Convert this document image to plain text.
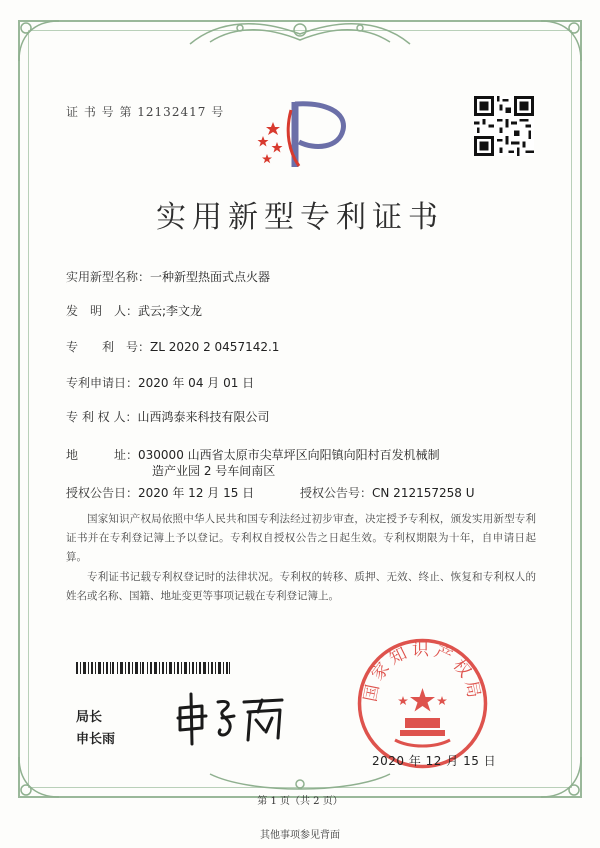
证 书 号 第 12132417 号
实用新型专利证书
实用新型名称：一种新型热面式点火器
发　明　人：武云;李文龙
专　　利　号：ZL 2020 2 0457142.1
专利申请日：2020 年 04 月 01 日
专 利 权 人：山西鸿泰来科技有限公司
地　　　址：030000 山西省太原市尖草坪区向阳镇向阳村百发机械制
造产业园 2 号车间南区
授权公告日：2020 年 12 月 15 日	授权公告号：CN 212157258 U
国家知识产权局依照中华人民共和国专利法经过初步审查，决定授予专利权，颁发实用新型专利证书并在专利登记簿上予以登记。专利权自授权公告之日起生效。专利权期限为十年，自申请日起算。
专利证书记载专利权登记时的法律状况。专利权的转移、质押、无效、终止、恢复和专利权人的姓名或名称、国籍、地址变更等事项记载在专利登记簿上。
局长
申长雨
国家知识产权局
2020 年 12 月 15 日
第 1 页（共 2 页）
其他事项参见背面
